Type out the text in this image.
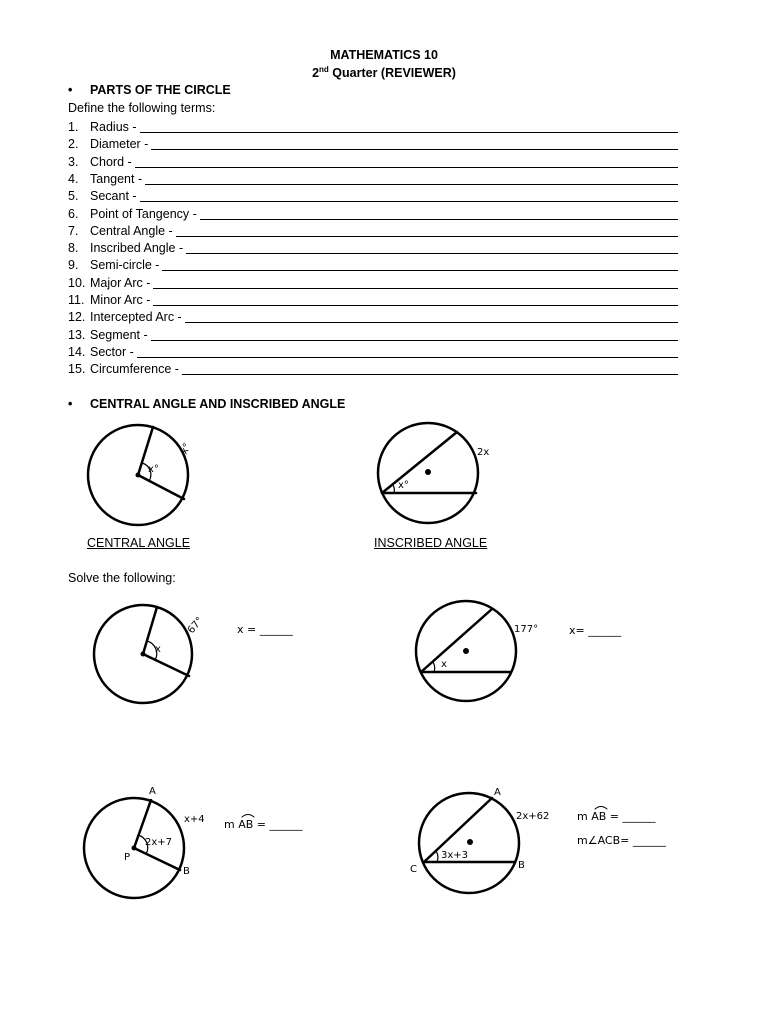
MATHEMATICS 10
2nd Quarter (REVIEWER)
• PARTS OF THE CIRCLE
Define the following terms:
1. Radius -
2. Diameter -
3. Chord -
4. Tangent -
5. Secant -
6. Point of Tangency -
7. Central Angle -
8. Inscribed Angle -
9. Semi-circle -
10. Major Arc -
11. Minor Arc -
12. Intercepted Arc -
13. Segment -
14. Sector -
15. Circumference -
• CENTRAL ANGLE AND INSCRIBED ANGLE
CENTRAL ANGLE	INSCRIBED ANGLE
Solve the following:
x°
x°
x°
2x
x
67°	x = ______
x
177°	x= ______
2x+7
A
B
P
x+4 m AB = ______
3x+3
A
B
C
2x+62	m AB = ______
m∠ACB= ______
